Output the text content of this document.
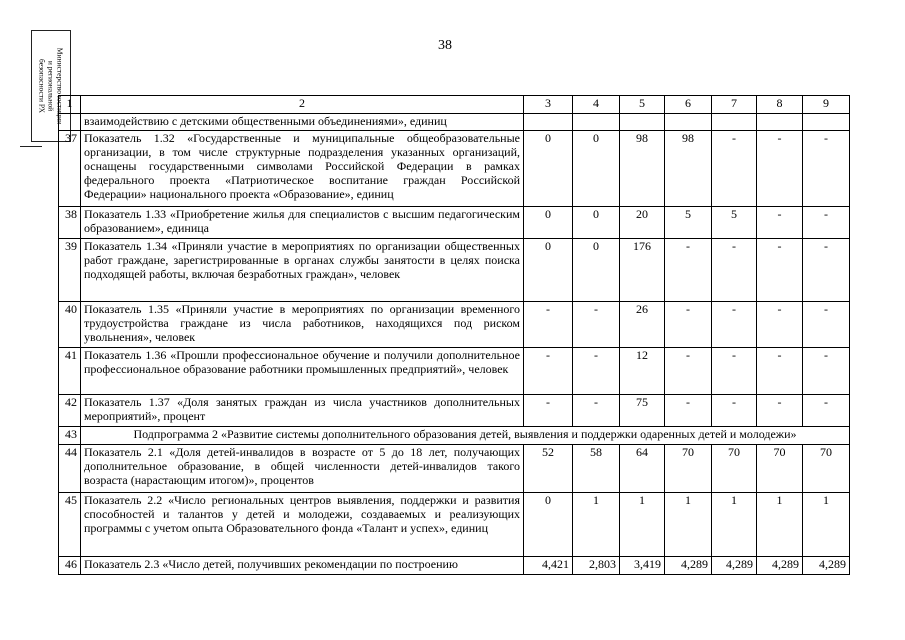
38
Министерство юстиции
и региональной
безопасности РХ 1	2	3	4	5	6	7	8	9
	взаимодействию с детскими общественными объединениями», единиц							
37	Показатель 1.32 «Государственные и муниципальные общеобразовательные организации, в том числе структурные подразделения указанных организаций, оснащены государственными символами Российской Федерации в рамках федерального проекта «Патриотическое воспитание граждан Российской Федерации» национального проекта «Образование», единиц	0	0	98	98	-	-	-
38	Показатель 1.33 «Приобретение жилья для специалистов с высшим педагогическим образованием», единица	0	0	20	5	5	-	-
39	Показатель 1.34 «Приняли участие в мероприятиях по организации общественных работ граждане, зарегистрированные в органах службы занятости в целях поиска подходящей работы, включая безработных граждан», человек	0	0	176	-	-	-	-
40	Показатель 1.35 «Приняли участие в мероприятиях по организации временного трудоустройства граждане из числа работников, находящихся под риском увольнения», человек	-	-	26	-	-	-	-
41	Показатель 1.36 «Прошли профессиональное обучение и получили дополнительное профессиональное образование работники промышленных предприятий», человек	-	-	12	-	-	-	-
42	Показатель 1.37 «Доля занятых граждан из числа участников дополнительных мероприятий», процент	-	-	75	-	-	-	-
43	Подпрограмма 2 «Развитие системы дополнительного образования детей, выявления и поддержки одаренных детей и молодежи»							
44	Показатель 2.1 «Доля детей-инвалидов в возрасте от 5 до 18 лет, получающих дополнительное образование, в общей численности детей-инвалидов такого возраста (нарастающим итогом)», процентов	52	58	64	70	70	70	70
45	Показатель 2.2 «Число региональных центров выявления, поддержки и развития способностей и талантов у детей и молодежи, создаваемых и реализующих программы с учетом опыта Образовательного фонда «Талант и успех», единиц	0	1	1	1	1	1	1
46	Показатель 2.3 «Число детей, получивших рекомендации по построению	4,421	2,803	3,419	4,289	4,289	4,289	4,289
